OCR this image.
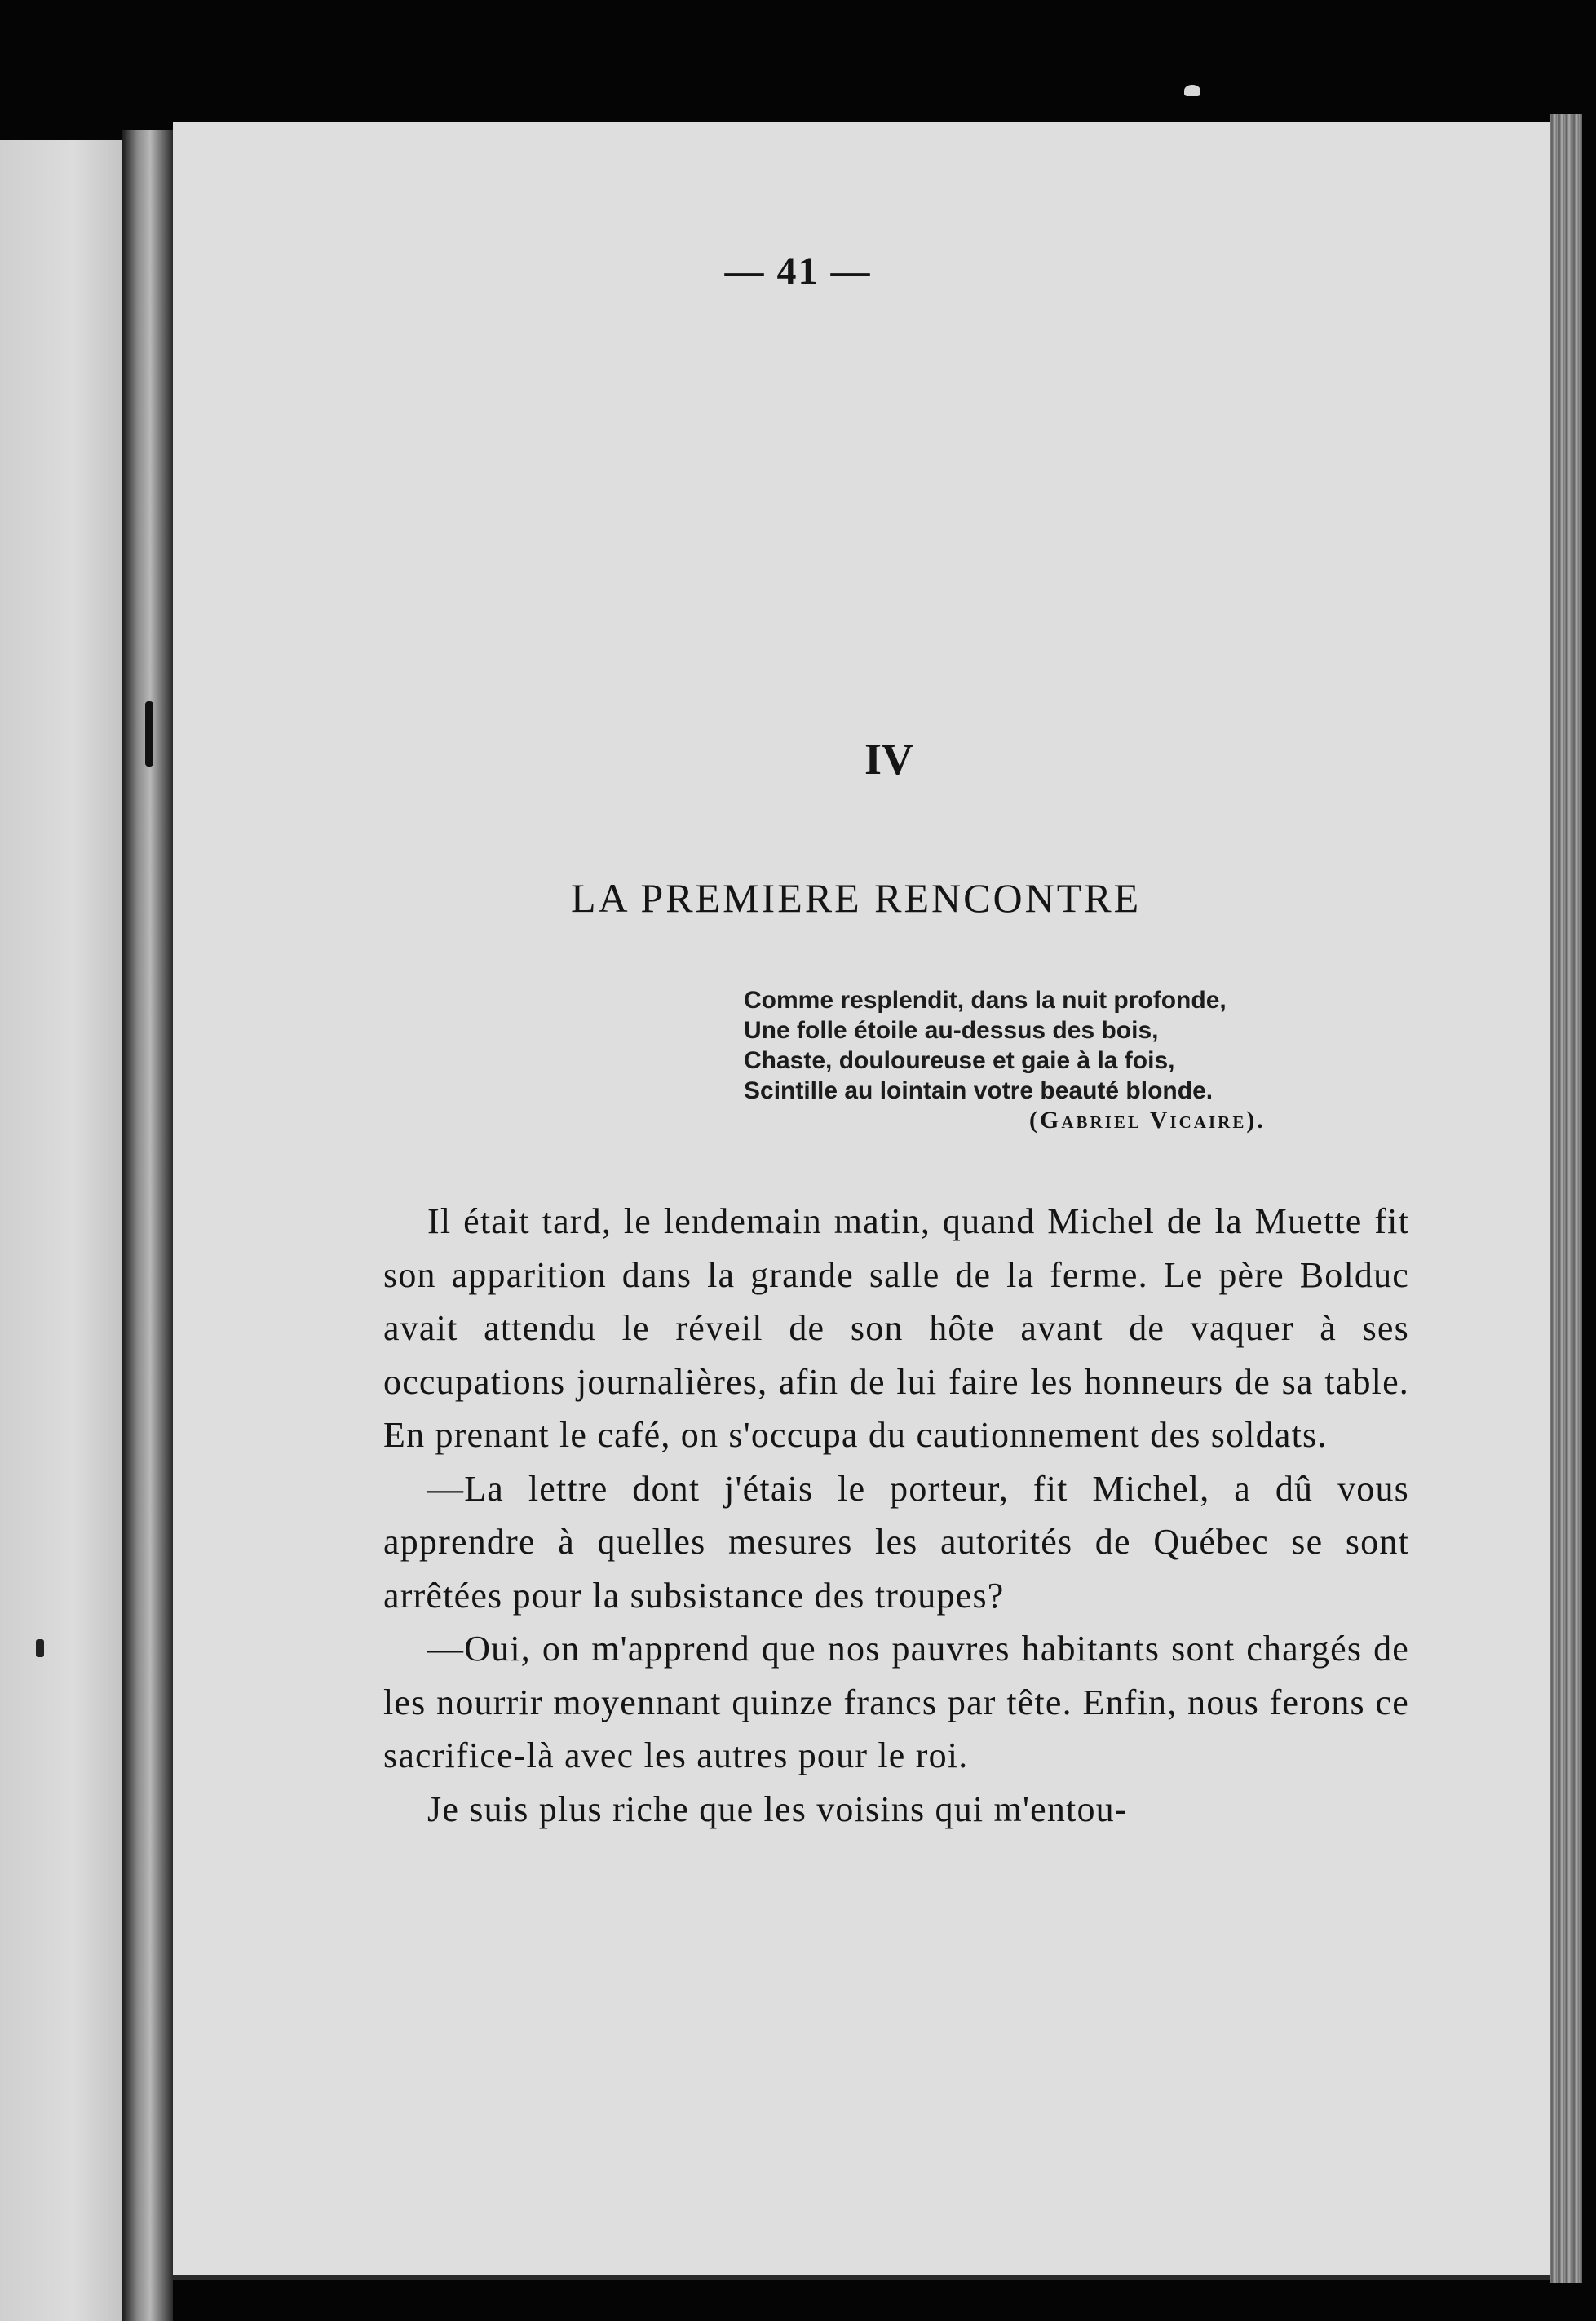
— 41 —
IV
LA PREMIERE RENCONTRE
Comme resplendit, dans la nuit profonde,
Une folle étoile au-dessus des bois,
Chaste, douloureuse et gaie à la fois,
Scintille au lointain votre beauté blonde.
(Gabriel Vicaire).

Il était tard, le lendemain matin, quand Michel de la Muette fit son apparition dans la grande salle de la ferme. Le père Bolduc avait attendu le réveil de son hôte avant de vaquer à ses occupations journalières, afin de lui faire les honneurs de sa table. En prenant le café, on s'occupa du cautionnement des soldats.

—La lettre dont j'étais le porteur, fit Michel, a dû vous apprendre à quelles mesures les autorités de Québec se sont arrêtées pour la subsistance des troupes?

—Oui, on m'apprend que nos pauvres habitants sont chargés de les nourrir moyennant quinze francs par tête. Enfin, nous ferons ce sacrifice-là avec les autres pour le roi.

Je suis plus riche que les voisins qui m'entou-
